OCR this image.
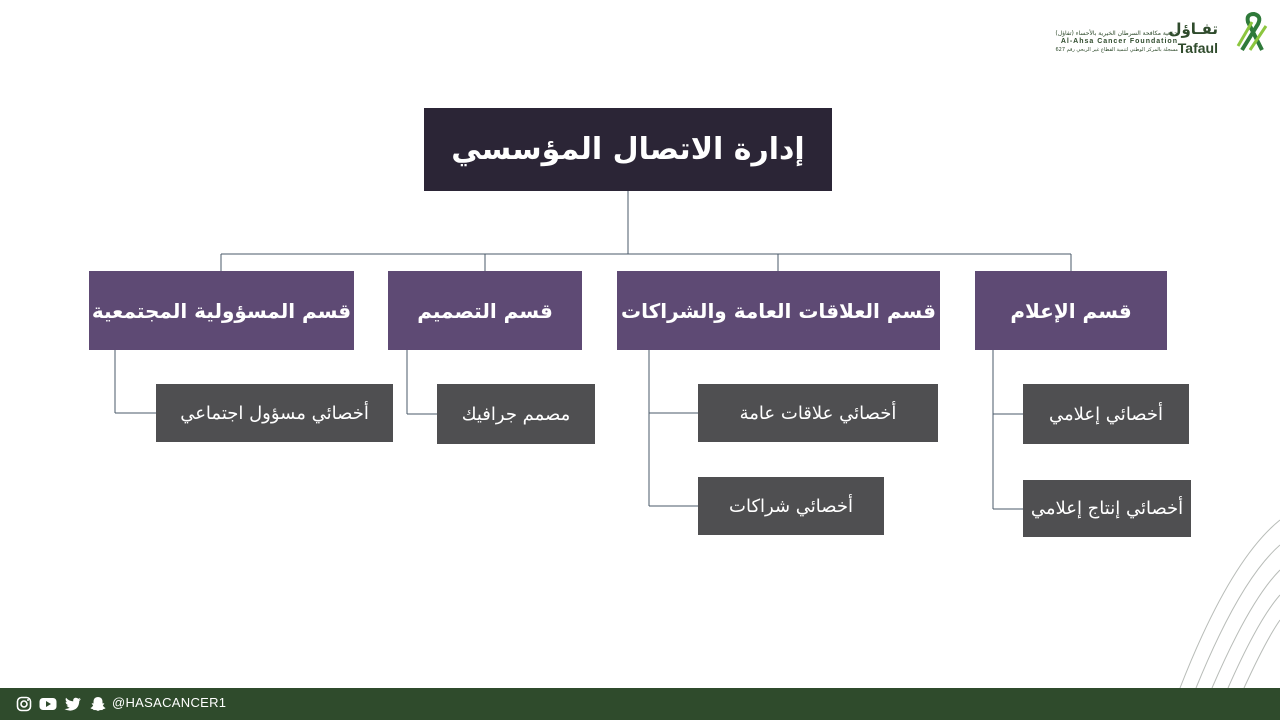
تفـاؤل
جمعية مكافحة السرطان الخيرية بالأحساء (تفاؤل)
Al-Ahsa Cancer Foundation
مسجلة بالمركز الوطني لتنمية القطاع غير الربحي رقم 627 Tafaul
إدارة الاتصال المؤسسي
قسم الإعلام
قسم العلاقات العامة والشراكات
قسم التصميم
قسم المسؤولية المجتمعية
أخصائي إعلامي
أخصائي إنتاج إعلامي
أخصائي علاقات عامة
أخصائي شراكات
مصمم جرافيك
أخصائي مسؤول اجتماعي
@HASACANCER1
